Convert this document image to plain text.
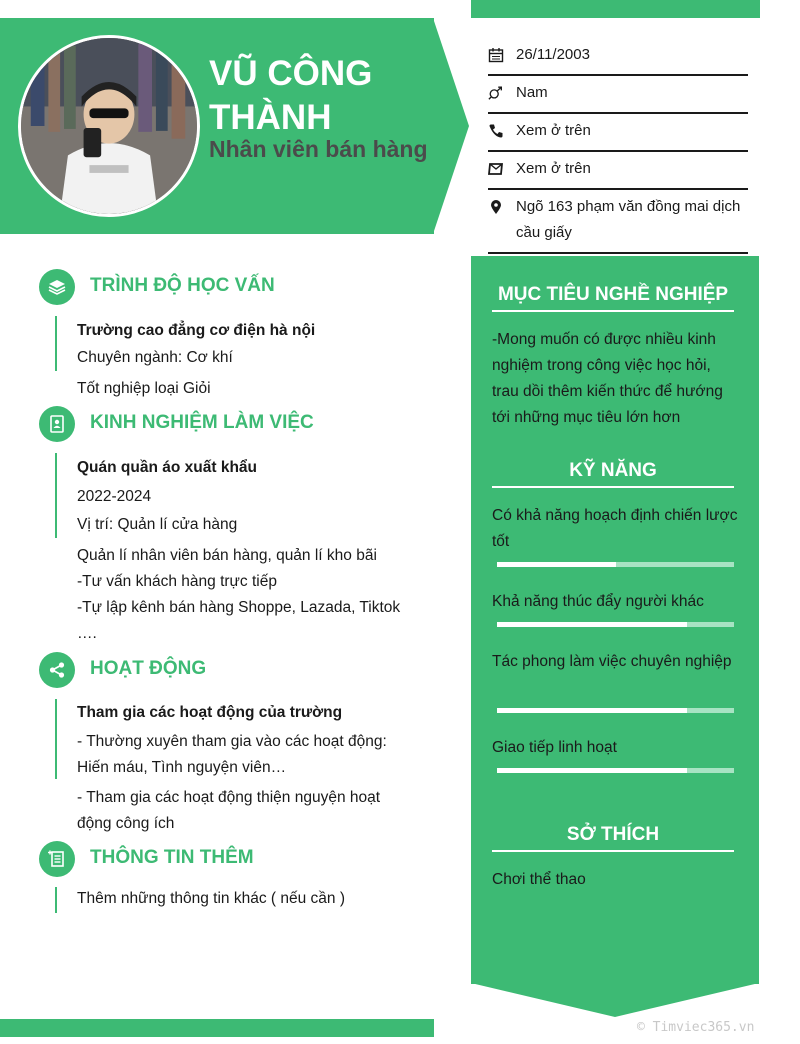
VŨ CÔNG THÀNH
Nhân viên bán hàng
26/11/2003
Nam
Xem ở trên
Xem ở trên
Ngõ 163 phạm văn đồng mai dịch cầu giấy
MỤC TIÊU NGHỀ NGHIỆP
-Mong muốn có được nhiều kinh nghiệm trong công việc học hỏi, trau dồi thêm kiến thức để hướng tới những mục tiêu lớn hơn
KỸ NĂNG
Có khả năng hoạch định chiến lược tốt
Khả năng thúc đẩy người khác
Tác phong làm việc chuyên nghiệp
Giao tiếp linh hoạt
SỞ THÍCH
Chơi thể thao
TRÌNH ĐỘ HỌC VẤN
Trường cao đẳng cơ điện hà nội
Chuyên ngành: Cơ khí
Tốt nghiệp loại Giỏi
KINH NGHIỆM LÀM VIỆC
Quán quần áo xuất khẩu
2022-2024
Vị trí: Quản lí cửa hàng
Quản lí nhân viên bán hàng, quản lí kho bãi
-Tư vấn khách hàng trực tiếp
-Tự lập kênh bán hàng Shoppe, Lazada, Tiktok ….
HOẠT ĐỘNG
Tham gia các hoạt động của trường
- Thường xuyên tham gia vào các hoạt động: Hiến máu, Tình nguyện viên…
- Tham gia các hoạt động thiện nguyện hoạt động công ích
THÔNG TIN THÊM
Thêm những thông tin khác ( nếu cần )
© Timviec365.vn
